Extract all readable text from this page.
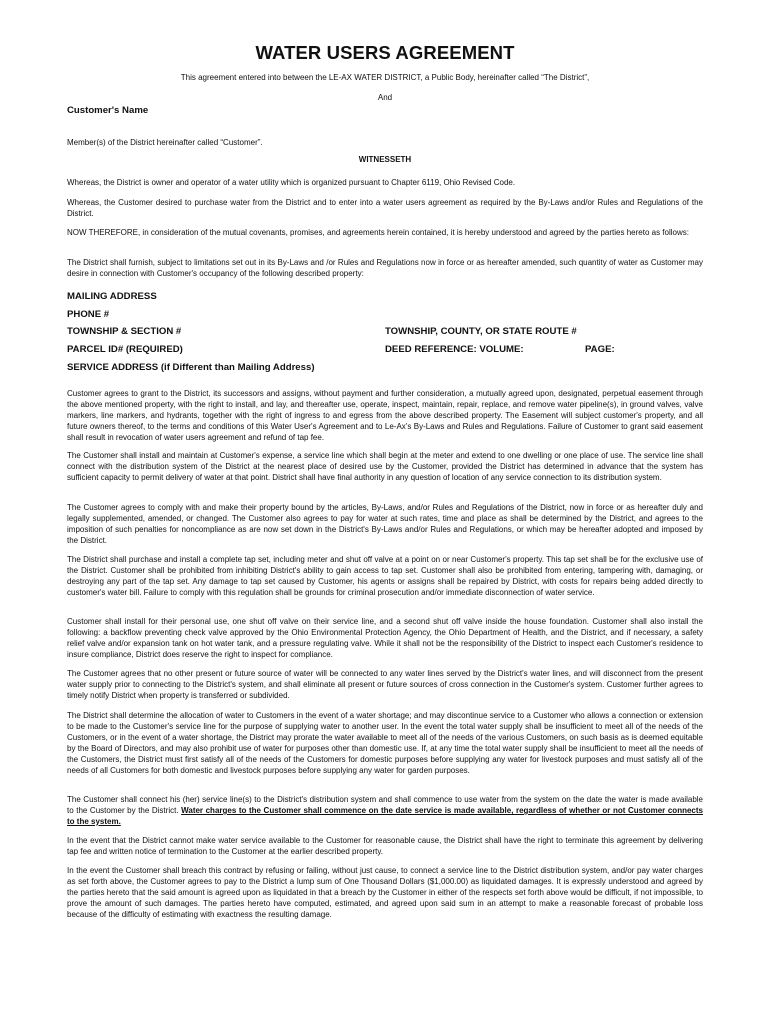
WATER USERS AGREEMENT
This agreement entered into between the LE-AX WATER DISTRICT, a Public Body, hereinafter called “The District”,
And
Customer's Name
Member(s) of the District hereinafter called “Customer”.
WITNESSETH
Whereas, the District is owner and operator of a water utility which is organized pursuant to Chapter 6119, Ohio Revised Code.
Whereas, the Customer desired to purchase water from the District and to enter into a water users agreement as required by the By-Laws and/or Rules and Regulations of the District.
NOW THEREFORE, in consideration of the mutual covenants, promises, and agreements herein contained, it is hereby understood and agreed by the parties hereto as follows:
The District shall furnish, subject to limitations set out in its By-Laws and /or Rules and Regulations now in force or as hereafter amended, such quantity of water as Customer may desire in connection with Customer's occupancy of the following described property:
MAILING ADDRESS
PHONE #
TOWNSHIP & SECTION #	TOWNSHIP, COUNTY, OR STATE ROUTE #
PARCEL ID# (REQUIRED)	DEED REFERENCE: VOLUME:	PAGE:
SERVICE ADDRESS (if Different than Mailing Address)
Customer agrees to grant to the District, its successors and assigns, without payment and further consideration, a mutually agreed upon, designated, perpetual easement through the above mentioned property, with the right to install, and lay, and thereafter use, operate, inspect, maintain, repair, replace, and remove water pipeline(s), in ground valves, valve markers, line markers, and hydrants, together with the right of ingress to and egress from the above described property. The Easement will subject customer's property, and all future owners thereof, to the terms and conditions of this Water User's Agreement and to Le-Ax's By-Laws and Rules and Regulations. Failure of Customer to grant said easement shall result in revocation of water users agreement and refund of tap fee.
The Customer shall install and maintain at Customer's expense, a service line which shall begin at the meter and extend to one dwelling or one place of use. The service line shall connect with the distribution system of the District at the nearest place of desired use by the Customer, provided the District has determined in advance that the system has sufficient capacity to permit delivery of water at that point. District shall have final authority in any question of location of any service connection to its distribution system.
The Customer agrees to comply with and make their property bound by the articles, By-Laws, and/or Rules and Regulations of the District, now in force or as hereafter duly and legally supplemented, amended, or changed. The Customer also agrees to pay for water at such rates, time and place as shall be determined by the District, and agrees to the imposition of such penalties for noncompliance as are now set down in the District's By-Laws and/or Rules and Regulations, or which may be hereafter adopted and imposed by the District.
The District shall purchase and install a complete tap set, including meter and shut off valve at a point on or near Customer's property. This tap set shall be for the exclusive use of the District. Customer shall be prohibited from inhibiting District's ability to gain access to tap set. Customer shall also be prohibited from entering, tampering with, damaging, or destroying any part of the tap set. Any damage to tap set caused by Customer, his agents or assigns shall be repaired by District, with costs for repairs being added directly to customer's water bill. Failure to comply with this regulation shall be grounds for criminal prosecution and/or immediate disconnection of water service.
Customer shall install for their personal use, one shut off valve on their service line, and a second shut off valve inside the house foundation. Customer shall also install the following: a backflow preventing check valve approved by the Ohio Environmental Protection Agency, the Ohio Department of Health, and the District, and if necessary, a safety relief valve and/or expansion tank on hot water tank, and a pressure regulating valve. While it shall not be the responsibility of the District to inspect each Customer's residence to insure compliance, District does reserve the right to inspect for compliance.
The Customer agrees that no other present or future source of water will be connected to any water lines served by the District's water lines, and will disconnect from the present water supply prior to connecting to the District's system, and shall eliminate all present or future sources of cross connection in the Customer's system. Customer further agrees to timely notify District when property is transferred or subdivided.
The District shall determine the allocation of water to Customers in the event of a water shortage; and may discontinue service to a Customer who allows a connection or extension to be made to the Customer's service line for the purpose of supplying water to another user. In the event the total water supply shall be insufficient to meet all of the needs of the Customers, or in the event of a water shortage, the District may prorate the water available to meet all of the needs of the various Customers, on such basis as is deemed equitable by the Board of Directors, and may also prohibit use of water for purposes other than domestic use. If, at any time the total water supply shall be insufficient to meet all the needs of the Customers, the District must first satisfy all of the needs of the Customers for domestic purposes before supplying any water for livestock purposes and must satisfy all of the needs of all Customers for both domestic and livestock purposes before supplying any water for garden purposes.
The Customer shall connect his (her) service line(s) to the District's distribution system and shall commence to use water from the system on the date the water is made available to the Customer by the District. Water charges to the Customer shall commence on the date service is made available, regardless of whether or not Customer connects to the system.
In the event that the District cannot make water service available to the Customer for reasonable cause, the District shall have the right to terminate this agreement by delivering tap fee and written notice of termination to the Customer at the earlier described property.
In the event the Customer shall breach this contract by refusing or failing, without just cause, to connect a service line to the District distribution system, and/or pay water charges as set forth above, the Customer agrees to pay to the District a lump sum of One Thousand Dollars ($1,000.00) as liquidated damages. It is expressly understood and agreed by the parties hereto that the said amount is agreed upon as liquidated in that a breach by the Customer in either of the respects set forth above would be difficult, if not impossible, to prove the amount of such damages. The parties hereto have computed, estimated, and agreed upon said sum in an attempt to make a reasonable forecast of probable loss because of the difficulty of estimating with exactness the resulting damage.
